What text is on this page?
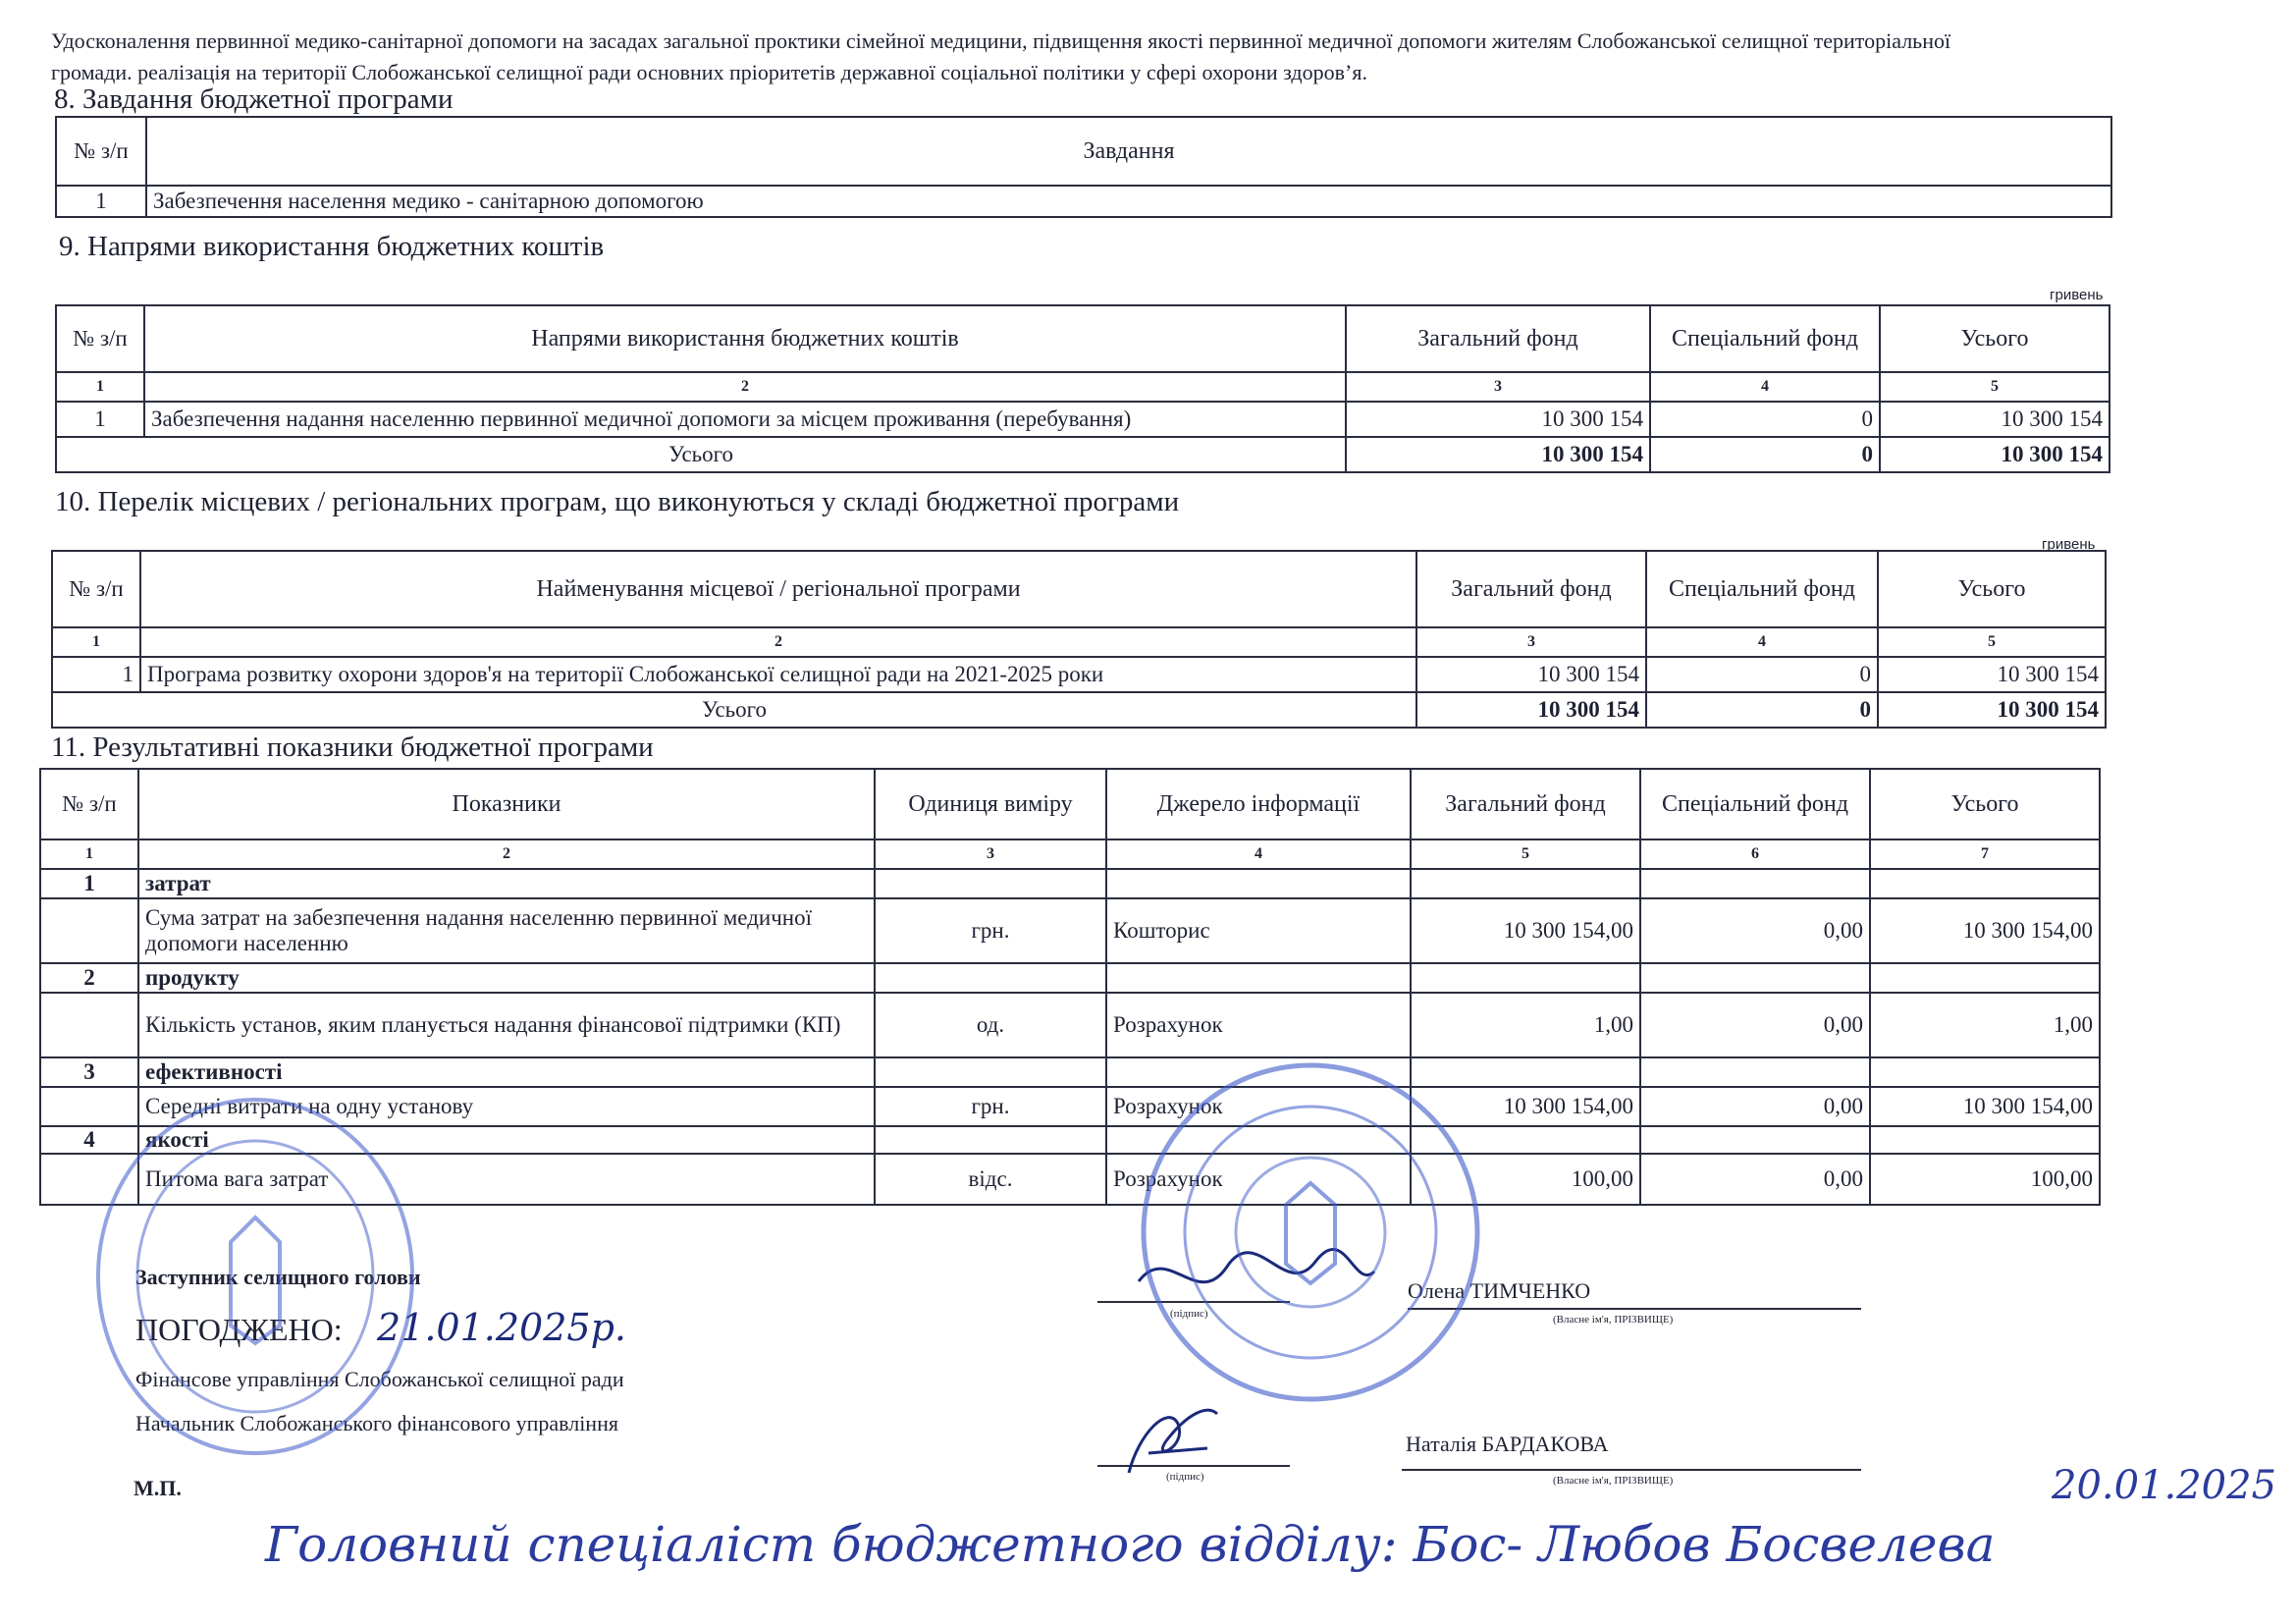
Удосконалення первинної медико-санітарної допомоги на засадах загальної проктики сімейної медицини, підвищення якості первинної медичної допомоги жителям Слобожанської селищної територіальної громади. реалізація на території Слобожанської селищної ради основних пріоритетів державної соціальної політики у сфері охорони здоров’я.
8. Завдання бюджетної програми
№ з/п	Завдання
1	Забезпечення населення медико - санітарною допомогою
9. Напрями використання бюджетних коштів
гривень
№ з/п	Напрями використання бюджетних коштів	Загальний фонд	Спеціальний фонд	Усього
1	2	3	4	5
1	Забезпечення надання населенню первинної медичної допомоги за місцем проживання (перебування)	10 300 154	0	10 300 154
Усього		10 300 154	0	10 300 154
10. Перелік місцевих / регіональних програм, що виконуються у складі бюджетної програми
гривень
№ з/п	Найменування місцевої / регіональної програми	Загальний фонд	Спеціальний фонд	Усього
1	2	3	4	5
1	Програма розвитку охорони здоров'я на території Слобожанської селищної ради на 2021-2025 роки	10 300 154	0	10 300 154
Усього		10 300 154	0	10 300 154
11. Результативні показники бюджетної програми
№ з/п	Показники	Одиниця виміру	Джерело інформації	Загальний фонд	Спеціальний фонд	Усього
1	2	3	4	5	6	7
1	затрат					
	Сума затрат на забезпечення надання населенню первинної медичної допомоги населенню	грн.	Кошторис	10 300 154,00	0,00	10 300 154,00
2	продукту					
	Кількість установ, яким планується надання фінансової підтримки (КП)	од.	Розрахунок	1,00	0,00	1,00
3	ефективності					
	Середні витрати на одну установу	грн.	Розрахунок	10 300 154,00	0,00	10 300 154,00
4	якості					
	Питома вага затрат	відс.	Розрахунок	100,00	0,00	100,00
Заступник селищного голови
(підпис)
Олена ТИМЧЕНКО
(Власне ім'я, ПРІЗВИЩЕ)
ПОГОДЖЕНО: 21.01.2025р.
Фінансове управління Слобожанської селищної ради
Начальник Слобожанського фінансового управління
(підпис)
Наталія БАРДАКОВА
(Власне ім'я, ПРІЗВИЩЕ)
М.П.	20.01.2025
Головний спеціаліст бюджетного відділу: Бос- Любов Босвелева
